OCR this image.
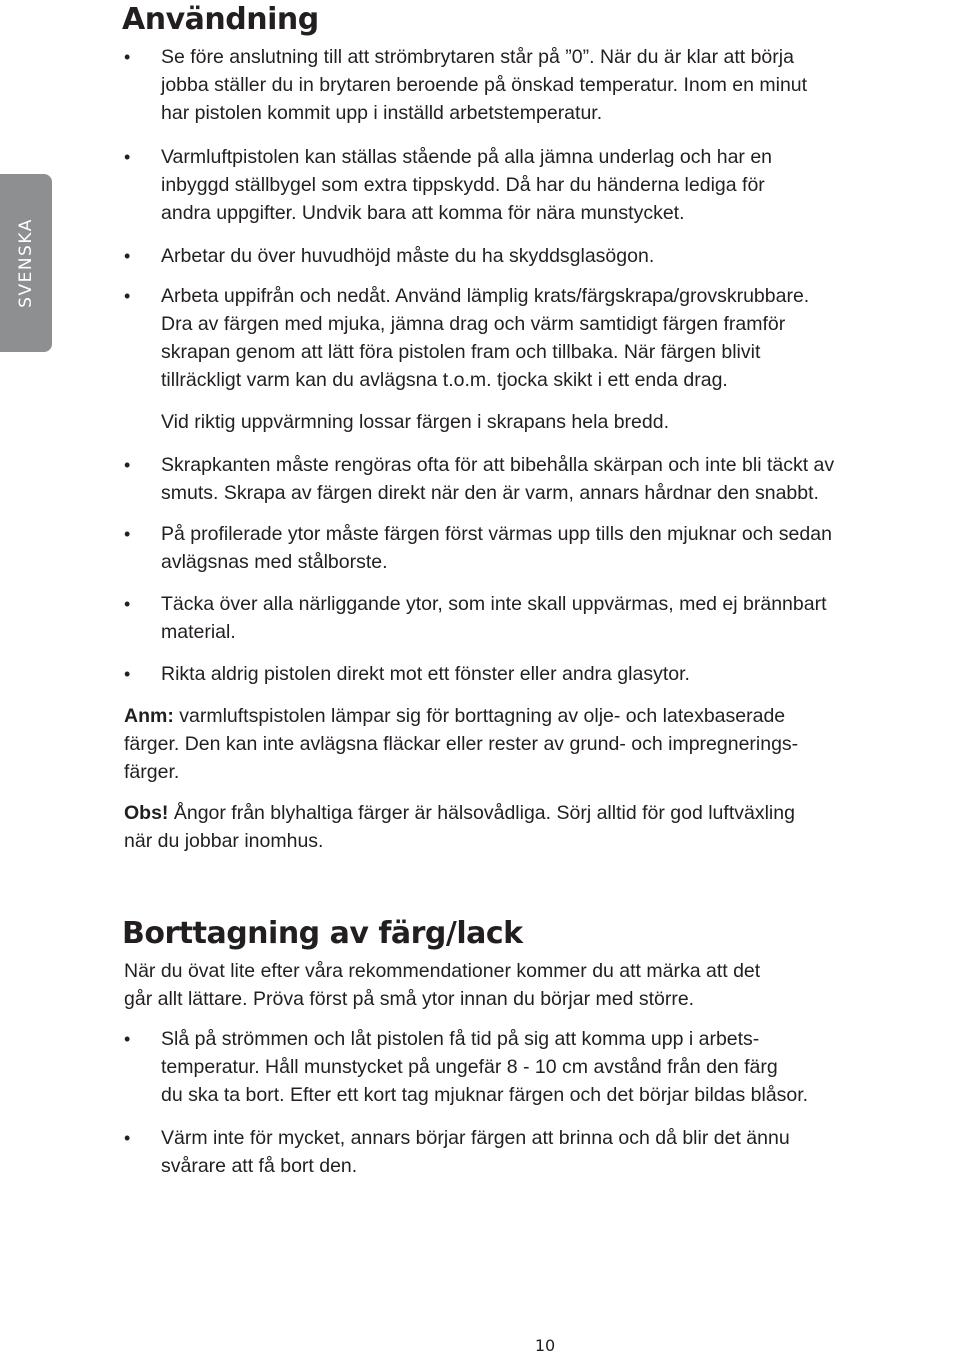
SVENSKA
Användning
• Se före anslutning till att strömbrytaren står på ”0”. När du är klar att börja
jobba ställer du in brytaren beroende på önskad temperatur. Inom en minut
har pistolen kommit upp i inställd arbetstemperatur.
• Varmluftpistolen kan ställas stående på alla jämna underlag och har en
inbyggd ställbygel som extra tippskydd. Då har du händerna lediga för
andra uppgifter. Undvik bara att komma för nära munstycket.
• Arbetar du över huvudhöjd måste du ha skyddsglasögon.
• Arbeta uppifrån och nedåt. Använd lämplig krats/färgskrapa/grovskrubbare.
Dra av färgen med mjuka, jämna drag och värm samtidigt färgen framför
skrapan genom att lätt föra pistolen fram och tillbaka. När färgen blivit
tillräckligt varm kan du avlägsna t.o.m. tjocka skikt i ett enda drag.
Vid riktig uppvärmning lossar färgen i skrapans hela bredd.
• Skrapkanten måste rengöras ofta för att bibehålla skärpan och inte bli täckt av
smuts. Skrapa av färgen direkt när den är varm, annars hårdnar den snabbt.
• På profilerade ytor måste färgen först värmas upp tills den mjuknar och sedan
avlägsnas med stålborste.
• Täcka över alla närliggande ytor, som inte skall uppvärmas, med ej brännbart
material.
• Rikta aldrig pistolen direkt mot ett fönster eller andra glasytor.
Anm: varmluftspistolen lämpar sig för borttagning av olje- och latexbaserade
färger. Den kan inte avlägsna fläckar eller rester av grund- och impregnerings-
färger.
Obs! Ångor från blyhaltiga färger är hälsovådliga. Sörj alltid för god luftväxling
när du jobbar inomhus.
Borttagning av färg/lack
När du övat lite efter våra rekommendationer kommer du att märka att det
går allt lättare. Pröva först på små ytor innan du börjar med större.
• Slå på strömmen och låt pistolen få tid på sig att komma upp i arbets-
temperatur. Håll munstycket på ungefär 8 - 10 cm avstånd från den färg
du ska ta bort. Efter ett kort tag mjuknar färgen och det börjar bildas blåsor.
• Värm inte för mycket, annars börjar färgen att brinna och då blir det ännu
svårare att få bort den.
10
